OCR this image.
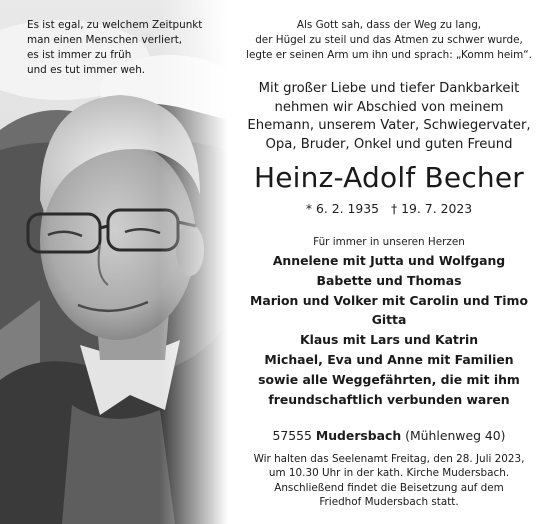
Es ist egal, zu welchem Zeitpunkt
man einen Menschen verliert,
es ist immer zu früh
und es tut immer weh.
Als Gott sah, dass der Weg zu lang,
der Hügel zu steil und das Atmen zu schwer wurde,
legte er seinen Arm um ihn und sprach: „Komm heim“.
Mit großer Liebe und tiefer Dankbarkeit
nehmen wir Abschied von meinem
Ehemann, unserem Vater, Schwiegervater,
Opa, Bruder, Onkel und guten Freund
Heinz-Adolf Becher
* 6. 2. 1935 † 19. 7. 2023
Für immer in unseren Herzen
Annelene mit Jutta und Wolfgang
Babette und Thomas
Marion und Volker mit Carolin und Timo
Gitta
Klaus mit Lars und Katrin
Michael, Eva und Anne mit Familien
sowie alle Weggefährten, die mit ihm
freundschaftlich verbunden waren
57555 Mudersbach (Mühlenweg 40)
Wir halten das Seelenamt Freitag, den 28. Juli 2023,
um 10.30 Uhr in der kath. Kirche Mudersbach.
Anschließend findet die Beisetzung auf dem
Friedhof Mudersbach statt.
